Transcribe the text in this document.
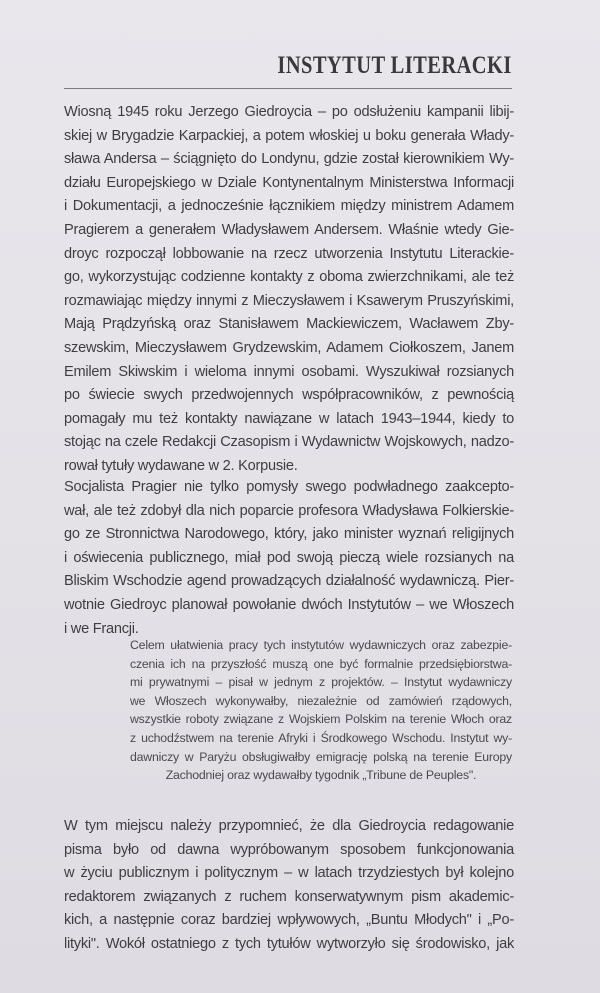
INSTYTUT LITERACKI
Wiosną 1945 roku Jerzego Giedroycia – po odsłużeniu kampanii libij-
skiej w Brygadzie Karpackiej, a potem włoskiej u boku generała Włady-
sława Andersa – ściągnięto do Londynu, gdzie został kierownikiem Wy-
działu Europejskiego w Dziale Kontynentalnym Ministerstwa Informacji
i Dokumentacji, a jednocześnie łącznikiem między ministrem Adamem
Pragierem a generałem Władysławem Andersem. Właśnie wtedy Gie-
droyc rozpoczął lobbowanie na rzecz utworzenia Instytutu Literackie-
go, wykorzystując codzienne kontakty z oboma zwierzchnikami, ale też
rozmawiając między innymi z Mieczysławem i Ksawerym Pruszyńskimi,
Mają Prądzyńską oraz Stanisławem Mackiewiczem, Wacławem Zby-
szewskim, Mieczysławem Grydzewskim, Adamem Ciołkoszem, Janem
Emilem Skiwskim i wieloma innymi osobami. Wyszukiwał rozsianych
po świecie swych przedwojennych współpracowników, z pewnością
pomagały mu też kontakty nawiązane w latach 1943–1944, kiedy to
stojąc na czele Redakcji Czasopism i Wydawnictw Wojskowych, nadzo-
rował tytuły wydawane w 2. Korpusie.
Socjalista Pragier nie tylko pomysły swego podwładnego zaakcepto-
wał, ale też zdobył dla nich poparcie profesora Władysława Folkierskie-
go ze Stronnictwa Narodowego, który, jako minister wyznań religijnych
i oświecenia publicznego, miał pod swoją pieczą wiele rozsianych na
Bliskim Wschodzie agend prowadzących działalność wydawniczą. Pier-
wotnie Giedroyc planował powołanie dwóch Instytutów – we Włoszech
i we Francji.
Celem ułatwienia pracy tych instytutów wydawniczych oraz zabezpie-
czenia ich na przyszłość muszą one być formalnie przedsiębiorstwa-
mi prywatnymi – pisał w jednym z projektów. – Instytut wydawniczy
we Włoszech wykonywałby, niezależnie od zamówień rządowych,
wszystkie roboty związane z Wojskiem Polskim na terenie Włoch oraz
z uchodźstwem na terenie Afryki i Środkowego Wschodu. Instytut wy-
dawniczy w Paryżu obsługiwałby emigrację polską na terenie Europy
Zachodniej oraz wydawałby tygodnik „Tribune de Peuples".
W tym miejscu należy przypomnieć, że dla Giedroycia redagowanie
pisma było od dawna wypróbowanym sposobem funkcjonowania
w życiu publicznym i politycznym – w latach trzydziestych był kolejno
redaktorem związanych z ruchem konserwatywnym pism akademic-
kich, a następnie coraz bardziej wpływowych, „Buntu Młodych" i „Po-
lityki". Wokół ostatniego z tych tytułów wytworzyło się środowisko, jak
